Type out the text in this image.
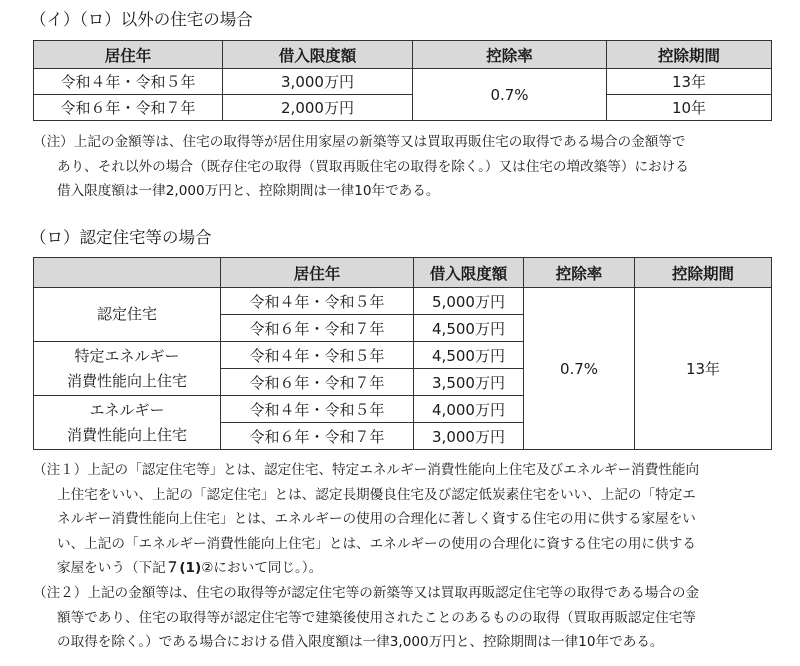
（イ）（ロ）以外の住宅の場合
居住年	借入限度額	控除率	控除期間
令和４年・令和５年	3,000万円	0.7%	13年
令和６年・令和７年	2,000万円		10年
（注）上記の金額等は、住宅の取得等が居住用家屋の新築等又は買取再販住宅の取得である場合の金額等で
あり、それ以外の場合（既存住宅の取得（買取再販住宅の取得を除く。）又は住宅の増改築等）における
借入限度額は一律2,000万円と、控除期間は一律10年である。
（ロ）認定住宅等の場合
	居住年	借入限度額	控除率	控除期間

認定住宅	令和４年・令和５年	5,000万円	0.7%	13年
	令和６年・令和７年	4,500万円		

特定エネルギー
消費性能向上住宅	令和４年・令和５年	4,500万円		
	令和６年・令和７年	3,500万円		

エネルギー
消費性能向上住宅	令和４年・令和５年	4,000万円		
	令和６年・令和７年	3,000万円		
（注１）上記の「認定住宅等」とは、認定住宅、特定エネルギー消費性能向上住宅及びエネルギー消費性能向
上住宅をいい、上記の「認定住宅」とは、認定長期優良住宅及び認定低炭素住宅をいい、上記の「特定エ
ネルギー消費性能向上住宅」とは、エネルギーの使用の合理化に著しく資する住宅の用に供する家屋をい
い、上記の「エネルギー消費性能向上住宅」とは、エネルギーの使用の合理化に資する住宅の用に供する
家屋をいう（下記７(1)②において同じ。）。
（注２）上記の金額等は、住宅の取得等が認定住宅等の新築等又は買取再販認定住宅等の取得である場合の金
額等であり、住宅の取得等が認定住宅等で建築後使用されたことのあるものの取得（買取再販認定住宅等
の取得を除く。）である場合における借入限度額は一律3,000万円と、控除期間は一律10年である。
